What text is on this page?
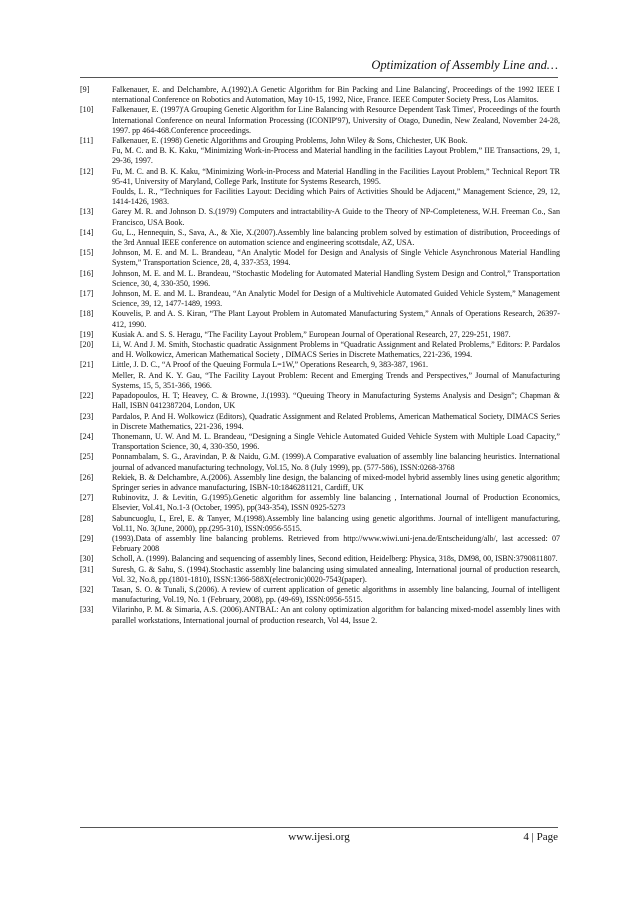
Optimization of Assembly Line and…
[9]	Falkenauer, E. and Delchambre, A.(1992).A Genetic Algorithm for Bin Packing and Line Balancing', Proceedings of the 1992 IEEE I nternational Conference on Robotics and Automation, May 10-15, 1992, Nice, France. IEEE Computer Society Press, Los Alamitos.
[10]	Falkenauer, E. (1997)'A Grouping Genetic Algorithm for Line Balancing with Resource Dependent Task Times', Proceedings of the fourth International Conference on neural Information Processing (ICONIP'97), University of Otago, Dunedin, New Zealand, November 24-28, 1997. pp 464-468.Conference proceedings.
[11]	Falkenauer, E. (1998) Genetic Algorithms and Grouping Problems, John Wiley & Sons, Chichester, UK Book.
Fu, M. C. and B. K. Kaku, “Minimizing Work-in-Process and Material handling in the facilities Layout Problem,” IIE Transactions, 29, 1, 29-36, 1997.
[12]	Fu, M. C. and B. K. Kaku, “Minimizing Work-in-Process and Material Handling in the Facilities Layout Problem,” Technical Report TR 95-41, University of Maryland, College Park, Institute for Systems Research, 1995.
Foulds, L. R., “Techniques for Facilities Layout: Deciding which Pairs of Activities Should be Adjacent,” Management Science, 29, 12, 1414-1426, 1983.
[13]	Garey M. R. and Johnson D. S.(1979) Computers and intractability-A Guide to the Theory of NP-Completeness, W.H. Freeman Co., San Francisco, USA Book.
[14]	Gu, L., Hennequin, S., Sava, A., & Xie, X.(2007).Assembly line balancing problem solved by estimation of distribution, Proceedings of the 3rd Annual IEEE conference on automation science and engineering scottsdale, AZ, USA.
[15]	Johnson, M. E. and M. L. Brandeau, “An Analytic Model for Design and Analysis of Single Vehicle Asynchronous Material Handling System,” Transportation Science, 28, 4, 337-353, 1994.
[16]	Johnson, M. E. and M. L. Brandeau, “Stochastic Modeling for Automated Material Handling System Design and Control,” Transportation Science, 30, 4, 330-350, 1996.
[17]	Johnson, M. E. and M. L. Brandeau, “An Analytic Model for Design of a Multivehicle Automated Guided Vehicle System,” Management Science, 39, 12, 1477-1489, 1993.
[18]	Kouvelis, P. and A. S. Kiran, “The Plant Layout Problem in Automated Manufacturing System,” Annals of Operations Research, 26397-412, 1990.
[19]	Kusiak A. and S. S. Heragu, “The Facility Layout Problem,” European Journal of Operational Research, 27, 229-251, 1987.
[20]	Li, W. And J. M. Smith, Stochastic quadratic Assignment Problems in “Quadratic Assignment and Related Problems,” Editors: P. Pardalos and H. Wolkowicz, American Mathematical Society , DIMACS Series in Discrete Mathematics, 221-236, 1994.
[21]	Little, J. D. C., “A Proof of the Queuing Formula L=1W,” Operations Research, 9, 383-387, 1961.
Meller, R. And K. Y. Gau, “The Facility Layout Problem: Recent and Emerging Trends and Perspectives,” Journal of Manufacturing Systems, 15, 5, 351-366, 1966.
[22]	Papadopoulos, H. T; Heavey, C. & Browne, J.(1993). “Queuing Theory in Manufacturing Systems Analysis and Design”; Chapman & Hall, ISBN 0412387204, London, UK
[23]	Pardalos, P. And H. Wolkowicz (Editors), Quadratic Assignment and Related Problems, American Mathematical Society, DIMACS Series in Discrete Mathematics, 221-236, 1994.
[24]	Thonemann, U. W. And M. L. Brandeau, “Designing a Single Vehicle Automated Guided Vehicle System with Multiple Load Capacity,” Transportation Science, 30, 4, 330-350, 1996.
[25]	Ponnambalam, S. G., Aravindan, P. & Naidu, G.M. (1999).A Comparative evaluation of assembly line balancing heuristics. International journal of advanced manufacturing technology, Vol.15, No. 8 (July 1999), pp. (577-586), ISSN:0268-3768
[26]	Rekiek, B. & Delchambre, A.(2006). Assembly line design, the balancing of mixed-model hybrid assembly lines using genetic algorithm; Springer series in advance manufacturing, ISBN-10:1846281121, Cardiff, UK
[27]	Rubinovitz, J. & Levitin, G.(1995).Genetic algorithm for assembly line balancing , International Journal of Production Economics, Elsevier, Vol.41, No.1-3 (October, 1995), pp(343-354), ISSN 0925-5273
[28]	Sabuncuoglu, I., Erel, E. & Tanyer, M.(1998).Assembly line balancing using genetic algorithms. Journal of intelligent manufacturing, Vol.11, No. 3(June, 2000), pp.(295-310), ISSN:0956-5515.
[29]	(1993).Data of assembly line balancing problems. Retrieved from http://www.wiwi.uni-jena.de/Entscheidung/alb/, last accessed: 07 February 2008
[30]	Scholl, A. (1999). Balancing and sequencing of assembly lines, Second edition, Heidelberg: Physica, 318s, DM98, 00, ISBN:3790811807.
[31]	Suresh, G. & Sahu, S. (1994).Stochastic assembly line balancing using simulated annealing, International journal of production research, Vol. 32, No.8, pp.(1801-1810), ISSN:1366-588X(electronic)0020-7543(paper).
[32]	Tasan, S. O. & Tunali, S.(2006). A review of current application of genetic algorithms in assembly line balancing, Journal of intelligent manufacturing, Vol.19, No. 1 (February, 2008), pp. (49-69), ISSN:0956-5515.
[33]	Vilarinho, P. M. & Simaria, A.S. (2006).ANTBAL: An ant colony optimization algorithm for balancing mixed-model assembly lines with parallel workstations, International journal of production research, Vol 44, Issue 2.
www.ijesi.org	4 | Page
